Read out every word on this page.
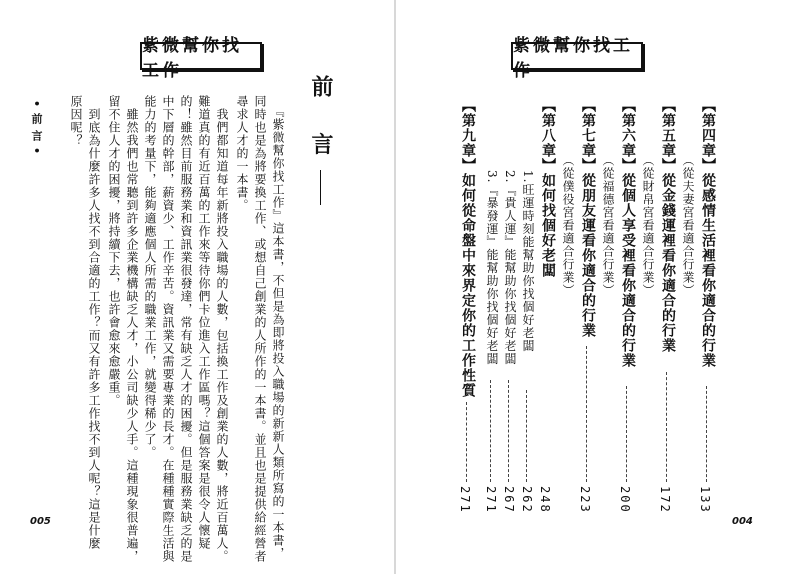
紫微幫你找工作
前 言
『紫微幫你找工作』這本書，不但是為即將投入職場的新新人類所寫的一本書，
同時也是為將要換工作、或想自己創業的人所作的一本書。並且也是提供給經營者
尋求人才的一本書。
我們都知道每年新將投入職場的人數，包括換工作及創業的人數，將近百萬人。
難道真的有近百萬的工作來等待你們卡位進入工作區嗎？這個答案是很令人懷疑
的！雖然目前服務業和資訊業很發達，常有缺乏人才的困擾。但是服務業缺乏的是
中下層的幹部，薪資少、工作辛苦。資訊業又需要專業的長才。在種種實際生活與
能力的考量下，能夠適應個人所需的職業工作，就變得稀少了。
雖然我們也常聽到許多企業機構缺乏人才，小公司缺少人手。這種現象很普遍，
留不住人才的困擾，將持續下去，也許會愈來愈嚴重。
到底為什麼許多人找不到合適的工作？而又有許多工作找不到人呢？這是什麼
原因呢？
•前言•
005
紫微幫你找工作
【第四章】從感情生活裡看你適合的行業
（從夫妻宮看適合行業）
133
【第五章】從金錢運裡看你適合的行業
（從財帛宮看適合行業）
172
【第六章】從個人享受裡看你適合的行業
（從福德宮看適合行業）
200
【第七章】從朋友運看你適合的行業
（從僕役宮看適合行業）
223
【第八章】如何找個好老闆
248
1.旺運時刻能幫助你找個好老闆
262
2.『貴人運』能幫助你找個好老闆
267
3.『暴發運』能幫助你找個好老闆
271
【第九章】如何從命盤中來界定你的工作性質
271
004
